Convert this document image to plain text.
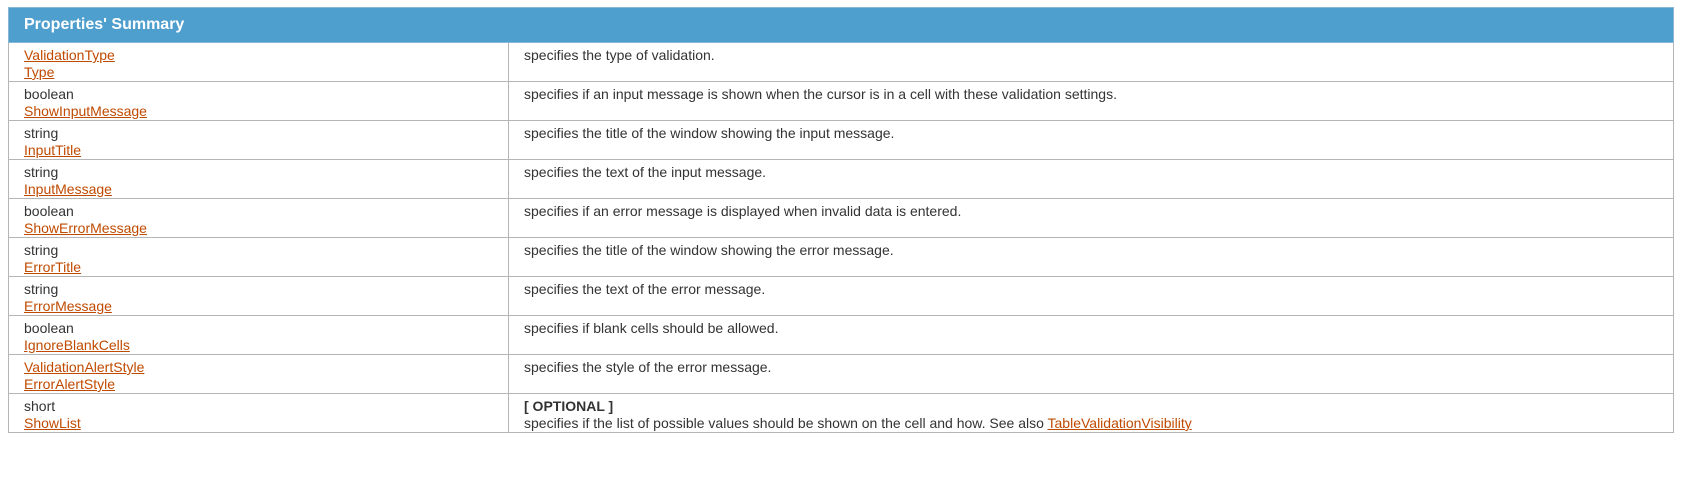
Properties' Summary	

ValidationType
Type	specifies the type of validation.

boolean
ShowInputMessage	specifies if an input message is shown when the cursor is in a cell with these validation settings.

string
InputTitle	specifies the title of the window showing the input message.

string
InputMessage	specifies the text of the input message.

boolean
ShowErrorMessage	specifies if an error message is displayed when invalid data is entered.

string
ErrorTitle	specifies the title of the window showing the error message.

string
ErrorMessage	specifies the text of the error message.

boolean
IgnoreBlankCells	specifies if blank cells should be allowed.

ValidationAlertStyle
ErrorAlertStyle	specifies the style of the error message.

short
ShowList	[ OPTIONAL ]
specifies if the list of possible values should be shown on the cell and how. See also TableValidationVisibility
